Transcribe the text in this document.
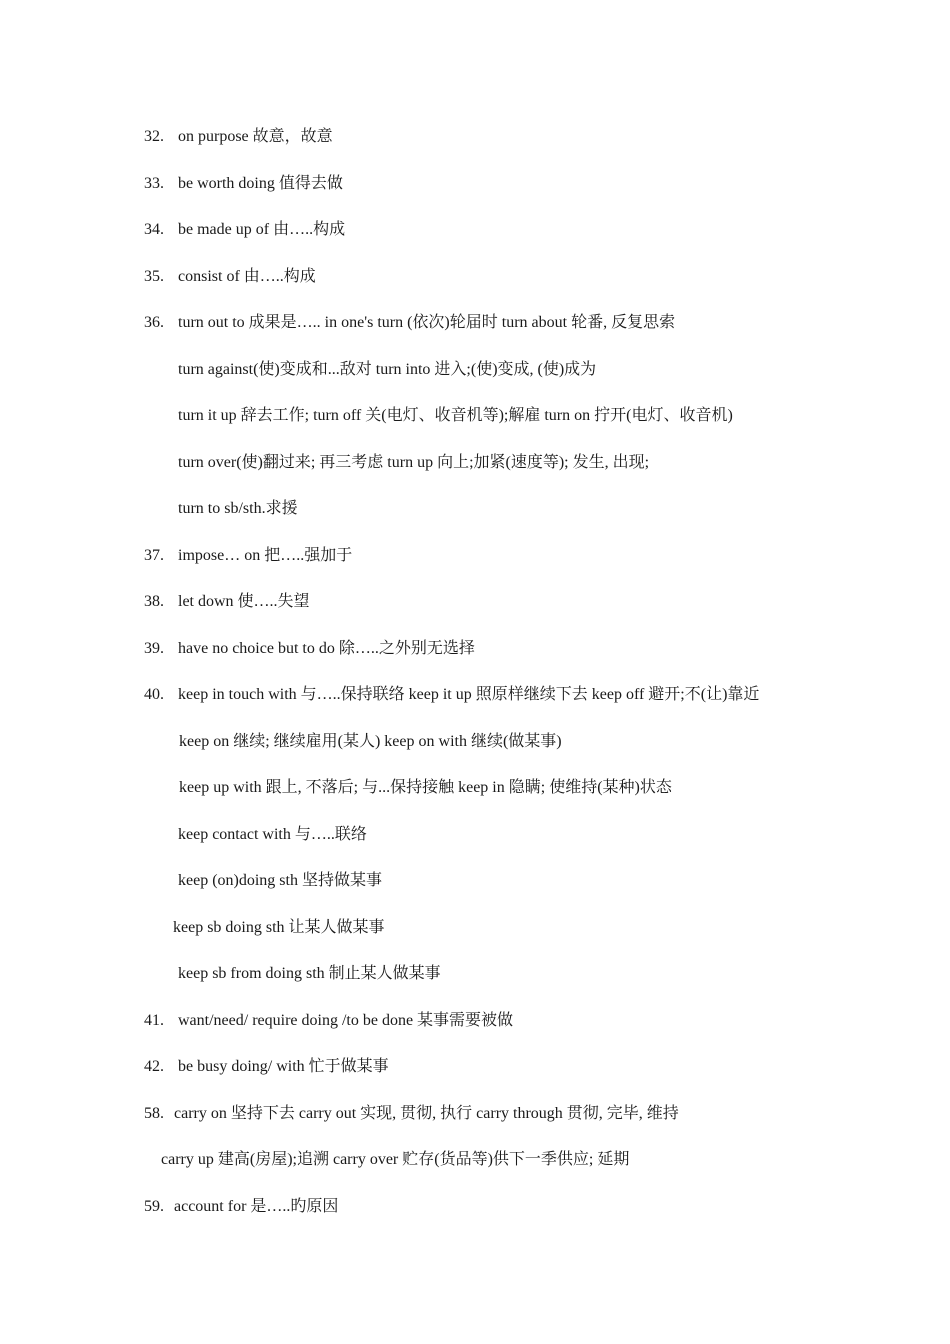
32. on purpose 故意，故意
33. be worth doing 值得去做
34. be made up of 由…..构成
35. consist of 由…..构成
36. turn out to 成果是….. in one's turn (依次)轮届时 turn about 轮番, 反复思索
turn against(使)变成和...敌对 turn into 进入;(使)变成, (使)成为
turn it up 辞去工作; turn off 关(电灯、收音机等);解雇 turn on 拧开(电灯、收音机)
turn over(使)翻过来; 再三考虑 turn up 向上;加紧(速度等); 发生, 出现;
turn to sb/sth.求援
37. impose… on 把…..强加于
38. let down 使…..失望
39. have no choice but to do 除…..之外别无选择
40. keep in touch with 与…..保持联络 keep it up 照原样继续下去 keep off 避开;不(让)靠近
keep on 继续; 继续雇用(某人) keep on with 继续(做某事)
keep up with 跟上, 不落后; 与...保持接触 keep in 隐瞒; 使维持(某种)状态
keep contact with 与…..联络
keep (on)doing sth 坚持做某事
keep sb doing sth 让某人做某事
keep sb from doing sth 制止某人做某事
41. want/need/ require doing /to be done 某事需要被做
42. be busy doing/ with 忙于做某事
58. carry on 坚持下去 carry out 实现, 贯彻, 执行 carry through 贯彻, 完毕, 维持
carry up 建高(房屋);追溯 carry over 贮存(货品等)供下一季供应; 延期
59. account for 是…..旳原因
